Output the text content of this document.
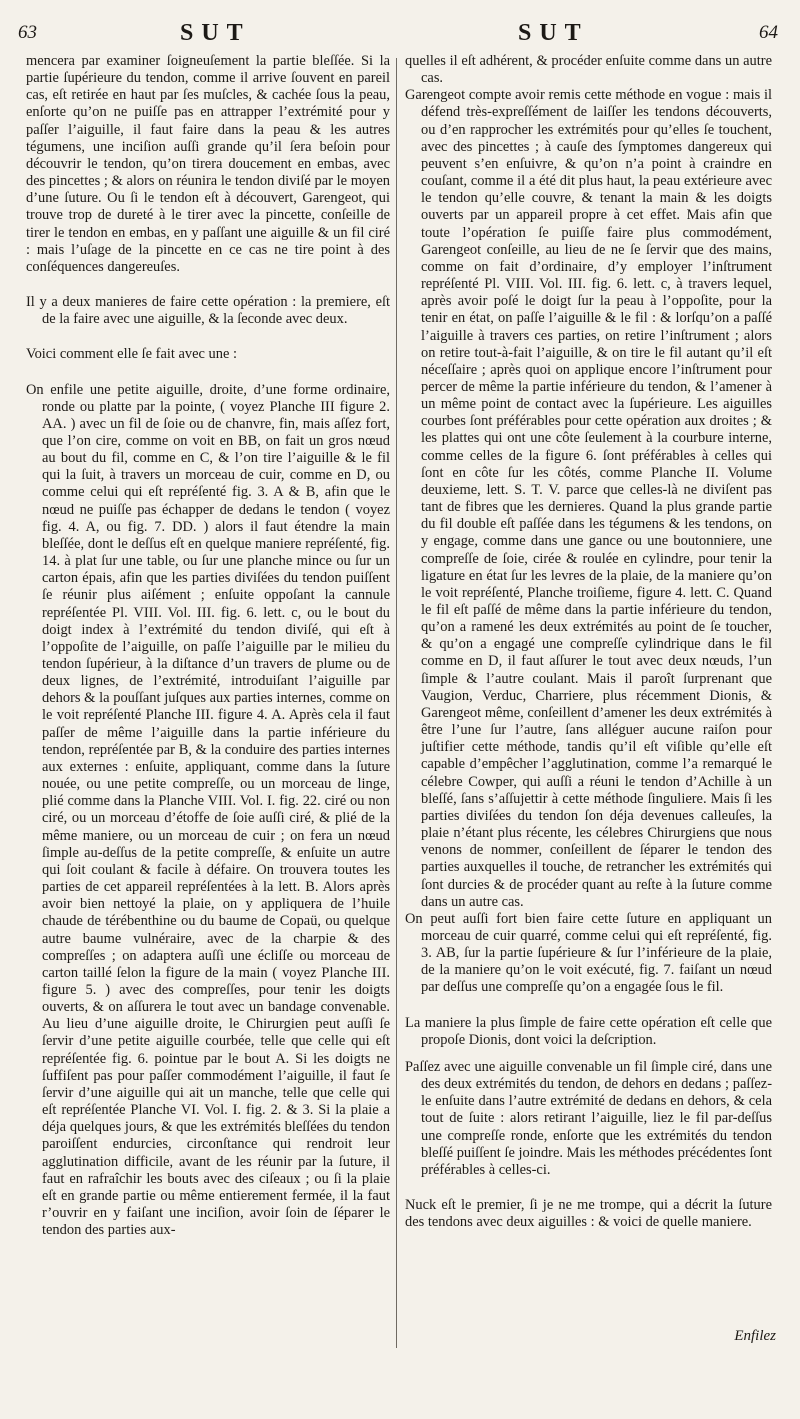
63	SUT	SUT	64

mencera par examiner ſoigneuſement la partie bleſſée. Si la partie ſupérieure du tendon, comme il arrive ſouvent en pareil cas, eſt retirée en haut par ſes muſcles, & cachée ſous la peau, enſorte qu’on ne puiſſe pas en attrapper l’extrémité pour y paſſer l’aiguille, il faut faire dans la peau & les autres tégumens, une inciſion auſſi grande qu’il ſera beſoin pour découvrir le tendon, qu’on tirera doucement en embas, avec des pincettes ; & alors on réunira le tendon diviſé par le moyen d’une ſuture. Ou ſi le tendon eſt à découvert, Garengeot, qui trouve trop de dureté à le tirer avec la pincette, conſeille de tirer le tendon en embas, en y paſſant une aiguille & un fil ciré : mais l’uſage de la pincette en ce cas ne tire point à des conſéquences dangereuſes.

Il y a deux manieres de faire cette opération : la premiere, eſt de la faire avec une aiguille, & la ſeconde avec deux.

Voici comment elle ſe fait avec une :

On enfile une petite aiguille, droite, d’une forme ordinaire, ronde ou platte par la pointe, ( voyez Planche III figure 2. AA. ) avec un fil de ſoie ou de chanvre, fin, mais aſſez fort, que l’on cire, comme on voit en BB, on fait un gros nœud au bout du fil, comme en C, & l’on tire l’aiguille & le fil qui la ſuit, à travers un morceau de cuir, comme en D, ou comme celui qui eſt repréſenté fig. 3. A & B, afin que le nœud ne puiſſe pas échapper de dedans le tendon ( voyez fig. 4. A, ou fig. 7. DD. ) alors il faut étendre la main bleſſée, dont le deſſus eſt en quelque maniere repréſenté, fig. 14. à plat ſur une table, ou ſur une planche mince ou ſur un carton épais, afin que les parties diviſées du tendon puiſſent ſe réunir plus aiſément ; enſuite oppoſant la cannule repréſentée Pl. VIII. Vol. III. fig. 6. lett. c, ou le bout du doigt index à l’extrémité du tendon diviſé, qui eſt à l’oppoſite de l’aiguille, on paſſe l’aiguille par le milieu du tendon ſupérieur, à la diſtance d’un travers de plume ou de deux lignes, de l’extrémité, introduiſant l’aiguille par dehors & la pouſſant juſques aux parties internes, comme on le voit repréſenté Planche III. figure 4. A. Après cela il faut paſſer de même l’aiguille dans la partie inférieure du tendon, repréſentée par B, & la conduire des parties internes aux externes : enſuite, appliquant, comme dans la ſuture nouée, ou une petite compreſſe, ou un morceau de linge, plié comme dans la Planche VIII. Vol. I. fig. 22. ciré ou non ciré, ou un morceau d’étoffe de ſoie auſſi ciré, & plié de la même maniere, ou un morceau de cuir ; on fera un nœud ſimple au-deſſus de la petite compreſſe, & enſuite un autre qui ſoit coulant & facile à défaire. On trouvera toutes les parties de cet appareil repréſentées à la lett. B. Alors après avoir bien nettoyé la plaie, on y appliquera de l’huile chaude de térébenthine ou du baume de Copaü, ou quelque autre baume vulnéraire, avec de la charpie & des compreſſes ; on adaptera auſſi une écliſſe ou morceau de carton taillé ſelon la figure de la main ( voyez Planche III. figure 5. ) avec des compreſſes, pour tenir les doigts ouverts, & on aſſurera le tout avec un bandage convenable. Au lieu d’une aiguille droite, le Chirurgien peut auſſi ſe ſervir d’une petite aiguille courbée, telle que celle qui eſt repréſentée fig. 6. pointue par le bout A. Si les doigts ne ſuffiſent pas pour paſſer commodément l’aiguille, il faut ſe ſervir d’une aiguille qui ait un manche, telle que celle qui eſt repréſentée Planche VI. Vol. I. fig. 2. & 3. Si la plaie a déja quelques jours, & que les extrémités bleſſées du tendon paroiſſent endurcies, circonſtance qui rendroit leur agglutination difficile, avant de les réunir par la ſuture, il faut en rafraîchir les bouts avec des ciſeaux ; ou ſi la plaie eſt en grande partie ou même entierement fermée, il la faut r’ouvrir en y faiſant une inciſion, avoir ſoin de ſéparer le tendon des parties aux-

quelles il eſt adhérent, & procéder enſuite comme dans un autre cas.

Garengeot compte avoir remis cette méthode en vogue : mais il défend très-expreſſément de laiſſer les tendons découverts, ou d’en rapprocher les extrémités pour qu’elles ſe touchent, avec des pincettes ; à cauſe des ſymptomes dangereux qui peuvent s’en enſuivre, & qu’on n’a point à craindre en couſant, comme il a été dit plus haut, la peau extérieure avec le tendon qu’elle couvre, & tenant la main & les doigts ouverts par un appareil propre à cet effet. Mais afin que toute l’opération ſe puiſſe faire plus commodément, Garengeot conſeille, au lieu de ne ſe ſervir que des mains, comme on fait d’ordinaire, d’y employer l’inſtrument repréſenté Pl. VIII. Vol. III. fig. 6. lett. c, à travers lequel, après avoir poſé le doigt ſur la peau à l’oppoſite, pour la tenir en état, on paſſe l’aiguille & le fil : & lorſqu’on a paſſé l’aiguille à travers ces parties, on retire l’inſtrument ; alors on retire tout-à-fait l’aiguille, & on tire le fil autant qu’il eſt néceſſaire ; après quoi on applique encore l’inſtrument pour percer de même la partie inférieure du tendon, & l’amener à un même point de contact avec la ſupérieure. Les aiguilles courbes ſont préférables pour cette opération aux droites ; & les plattes qui ont une côte ſeulement à la courbure interne, comme celles de la figure 6. ſont préférables à celles qui ſont en côte ſur les côtés, comme Planche II. Volume deuxieme, lett. S. T. V. parce que celles-là ne diviſent pas tant de fibres que les dernieres. Quand la plus grande partie du fil double eſt paſſée dans les tégumens & les tendons, on y engage, comme dans une gance ou une boutonniere, une compreſſe de ſoie, cirée & roulée en cylindre, pour tenir la ligature en état ſur les levres de la plaie, de la maniere qu’on le voit repréſenté, Planche troiſieme, figure 4. lett. C. Quand le fil eſt paſſé de même dans la partie inférieure du tendon, qu’on a ramené les deux extrémités au point de ſe toucher, & qu’on a engagé une compreſſe cylindrique dans le fil comme en D, il faut aſſurer le tout avec deux nœuds, l’un ſimple & l’autre coulant. Mais il paroît ſurprenant que Vaugion, Verduc, Charriere, plus récemment Dionis, & Garengeot même, conſeillent d’amener les deux extrémités à être l’une ſur l’autre, ſans alléguer aucune raiſon pour juſtifier cette méthode, tandis qu’il eſt viſible qu’elle eſt capable d’empêcher l’agglutination, comme l’a remarqué le célebre Cowper, qui auſſi a réuni le tendon d’Achille à un bleſſé, ſans s’aſſujettir à cette méthode ſinguliere. Mais ſi les parties diviſées du tendon ſon déja devenues calleuſes, la plaie n’étant plus récente, les célebres Chirurgiens que nous venons de nommer, conſeillent de ſéparer le tendon des parties auxquelles il touche, de retrancher les extrémités qui ſont durcies & de procéder quant au reſte à la ſuture comme dans un autre cas.

On peut auſſi fort bien faire cette ſuture en appliquant un morceau de cuir quarré, comme celui qui eſt repréſenté, fig. 3. AB, ſur la partie ſupérieure & ſur l’inférieure de la plaie, de la maniere qu’on le voit exécuté, fig. 7. faiſant un nœud par deſſus une compreſſe qu’on a engagée ſous le fil.

La maniere la plus ſimple de faire cette opération eſt celle que propoſe Dionis, dont voici la deſcription.

Paſſez avec une aiguille convenable un fil ſimple ciré, dans une des deux extrémités du tendon, de dehors en dedans ; paſſez-le enſuite dans l’autre extrémité de dedans en dehors, & cela tout de ſuite : alors retirant l’aiguille, liez le fil par-deſſus une compreſſe ronde, enſorte que les extrémités du tendon bleſſé puiſſent ſe joindre. Mais les méthodes précédentes ſont préférables à celles-ci.

Nuck eſt le premier, ſi je ne me trompe, qui a décrit la ſuture des tendons avec deux aiguilles : & voici de quelle maniere.

Enfilez
